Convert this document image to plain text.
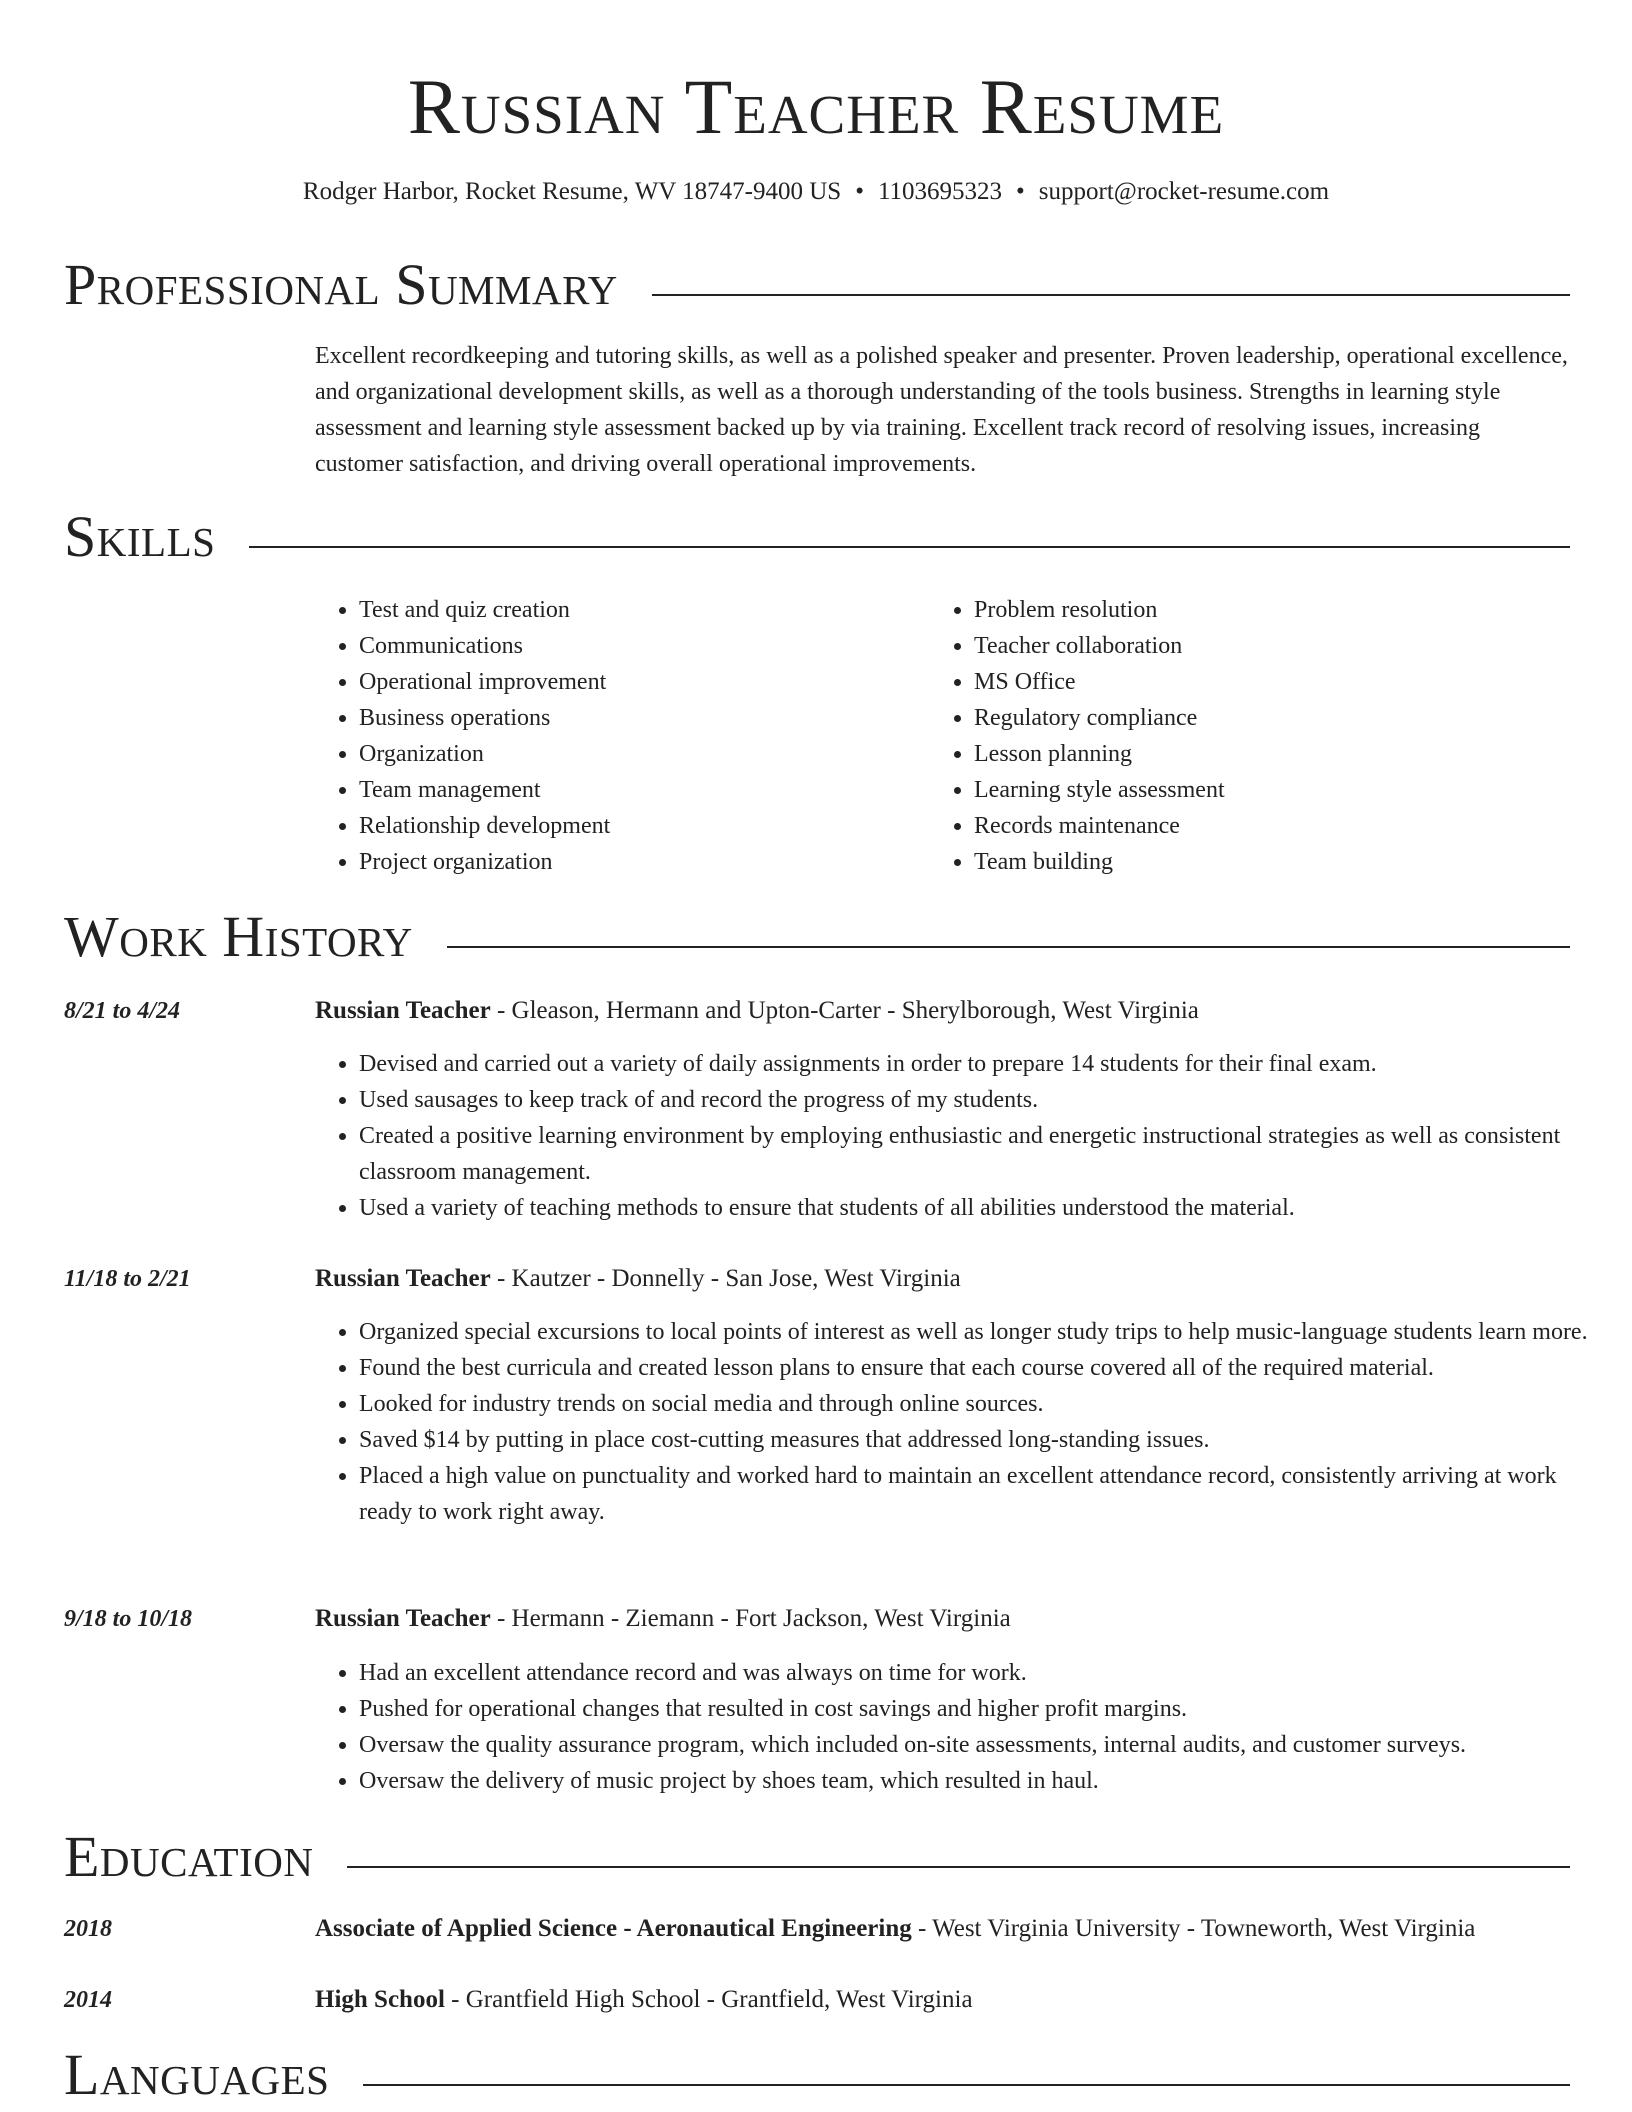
Russian Teacher Resume
Rodger Harbor, Rocket Resume, WV 18747-9400 US • 1103695323 • support@rocket-resume.com
Professional Summary
Excellent recordkeeping and tutoring skills, as well as a polished speaker and presenter. Proven leadership, operational excellence, and organizational development skills, as well as a thorough understanding of the tools business. Strengths in learning style assessment and learning style assessment backed up by via training. Excellent track record of resolving issues, increasing customer satisfaction, and driving overall operational improvements.
Skills
• Test and quiz creation
• Communications
• Operational improvement
• Business operations
• Organization
• Team management
• Relationship development
• Project organization
• Problem resolution
• Teacher collaboration
• MS Office
• Regulatory compliance
• Lesson planning
• Learning style assessment
• Records maintenance
• Team building
Work History
8/21 to 4/24	Russian Teacher - Gleason, Hermann and Upton-Carter - Sherylborough, West Virginia
• Devised and carried out a variety of daily assignments in order to prepare 14 students for their final exam.
• Used sausages to keep track of and record the progress of my students.
• Created a positive learning environment by employing enthusiastic and energetic instructional strategies as well as consistent classroom management.
• Used a variety of teaching methods to ensure that students of all abilities understood the material.
11/18 to 2/21	Russian Teacher - Kautzer - Donnelly - San Jose, West Virginia
• Organized special excursions to local points of interest as well as longer study trips to help music-language students learn more.
• Found the best curricula and created lesson plans to ensure that each course covered all of the required material.
• Looked for industry trends on social media and through online sources.
• Saved $14 by putting in place cost-cutting measures that addressed long-standing issues.
• Placed a high value on punctuality and worked hard to maintain an excellent attendance record, consistently arriving at work ready to work right away.
9/18 to 10/18	Russian Teacher - Hermann - Ziemann - Fort Jackson, West Virginia
• Had an excellent attendance record and was always on time for work.
• Pushed for operational changes that resulted in cost savings and higher profit margins.
• Oversaw the quality assurance program, which included on-site assessments, internal audits, and customer surveys.
• Oversaw the delivery of music project by shoes team, which resulted in haul.
Education
2018	Associate of Applied Science - Aeronautical Engineering - West Virginia University - Towneworth, West Virginia
2014	High School - Grantfield High School - Grantfield, West Virginia
Languages
